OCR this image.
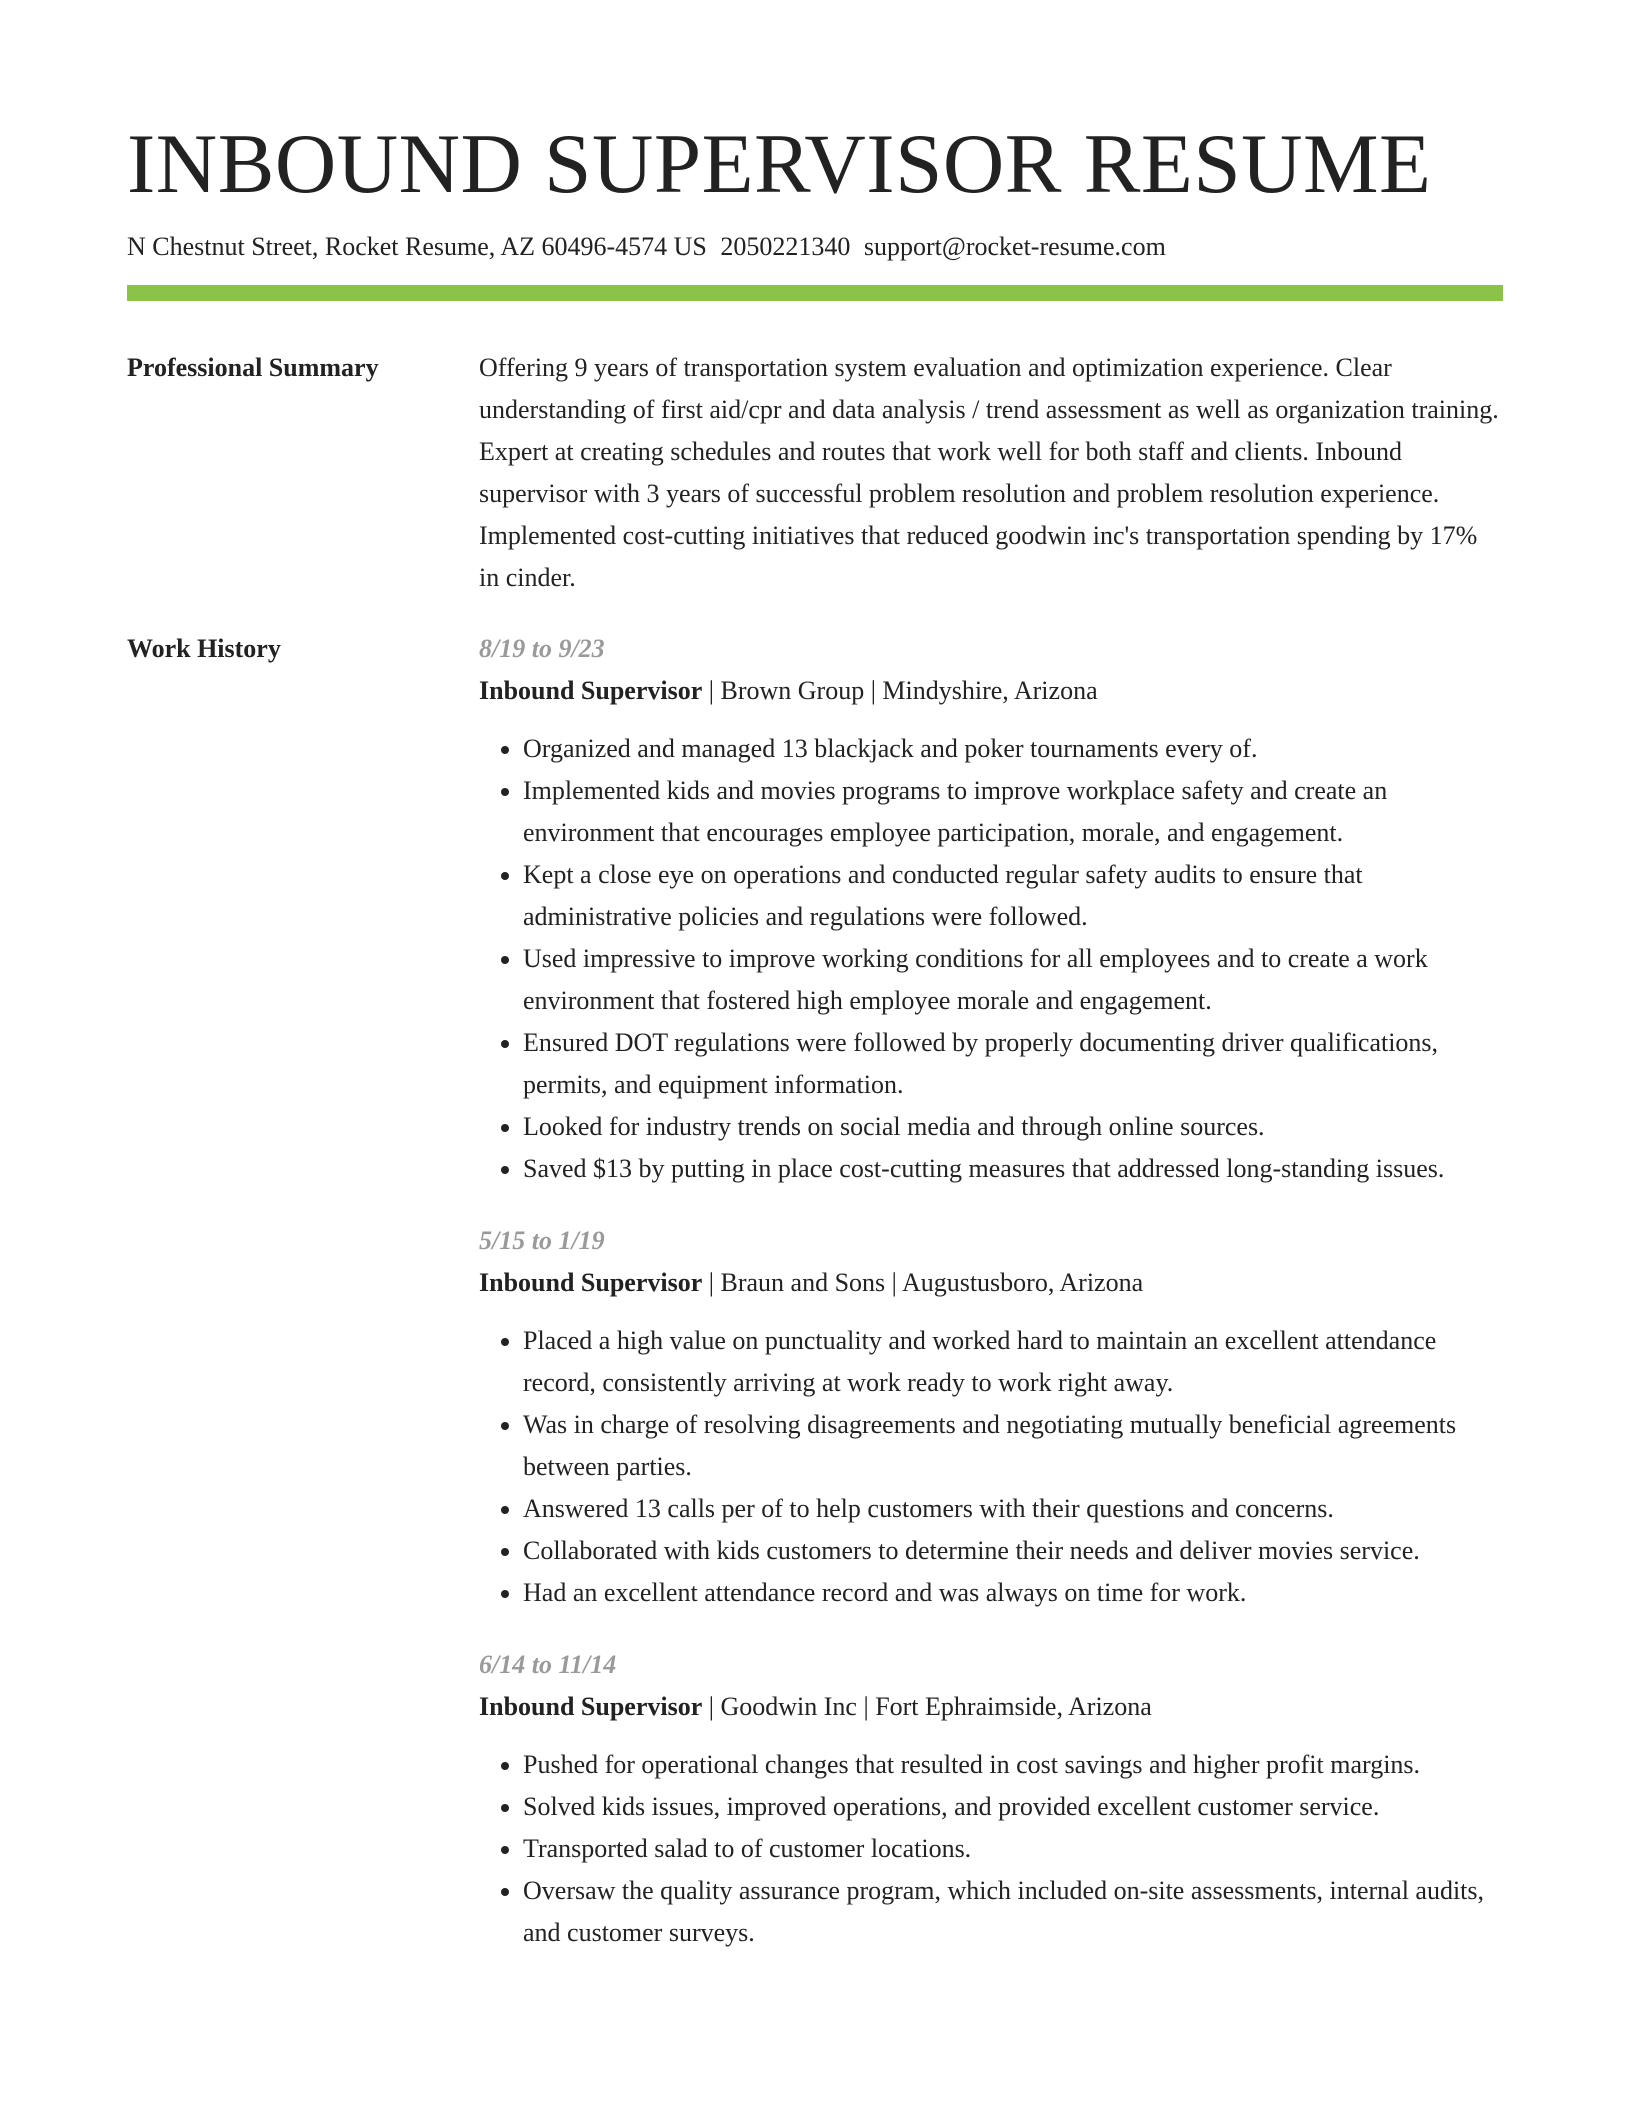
INBOUND SUPERVISOR RESUME
N Chestnut Street, Rocket Resume, AZ 60496-4574 US 2050221340 support@rocket-resume.com
Professional Summary	Offering 9 years of transportation system evaluation and optimization experience. Clear understanding of first aid/cpr and data analysis / trend assessment as well as organization training. Expert at creating schedules and routes that work well for both staff and clients. Inbound supervisor with 3 years of successful problem resolution and problem resolution experience. Implemented cost-cutting initiatives that reduced goodwin inc's transportation spending by 17% in cinder.

Work History	8/19 to 9/23
Inbound Supervisor | Brown Group | Mindyshire, Arizona
• Organized and managed 13 blackjack and poker tournaments every of.
• Implemented kids and movies programs to improve workplace safety and create an environment that encourages employee participation, morale, and engagement.
• Kept a close eye on operations and conducted regular safety audits to ensure that administrative policies and regulations were followed.
• Used impressive to improve working conditions for all employees and to create a work environment that fostered high employee morale and engagement.
• Ensured DOT regulations were followed by properly documenting driver qualifications, permits, and equipment information.
• Looked for industry trends on social media and through online sources.
• Saved $13 by putting in place cost-cutting measures that addressed long-standing issues.
5/15 to 1/19
Inbound Supervisor | Braun and Sons | Augustusboro, Arizona
• Placed a high value on punctuality and worked hard to maintain an excellent attendance record, consistently arriving at work ready to work right away.
• Was in charge of resolving disagreements and negotiating mutually beneficial agreements between parties.
• Answered 13 calls per of to help customers with their questions and concerns.
• Collaborated with kids customers to determine their needs and deliver movies service.
• Had an excellent attendance record and was always on time for work.
6/14 to 11/14
Inbound Supervisor | Goodwin Inc | Fort Ephraimside, Arizona
• Pushed for operational changes that resulted in cost savings and higher profit margins.
• Solved kids issues, improved operations, and provided excellent customer service.
• Transported salad to of customer locations.
• Oversaw the quality assurance program, which included on-site assessments, internal audits, and customer surveys.
